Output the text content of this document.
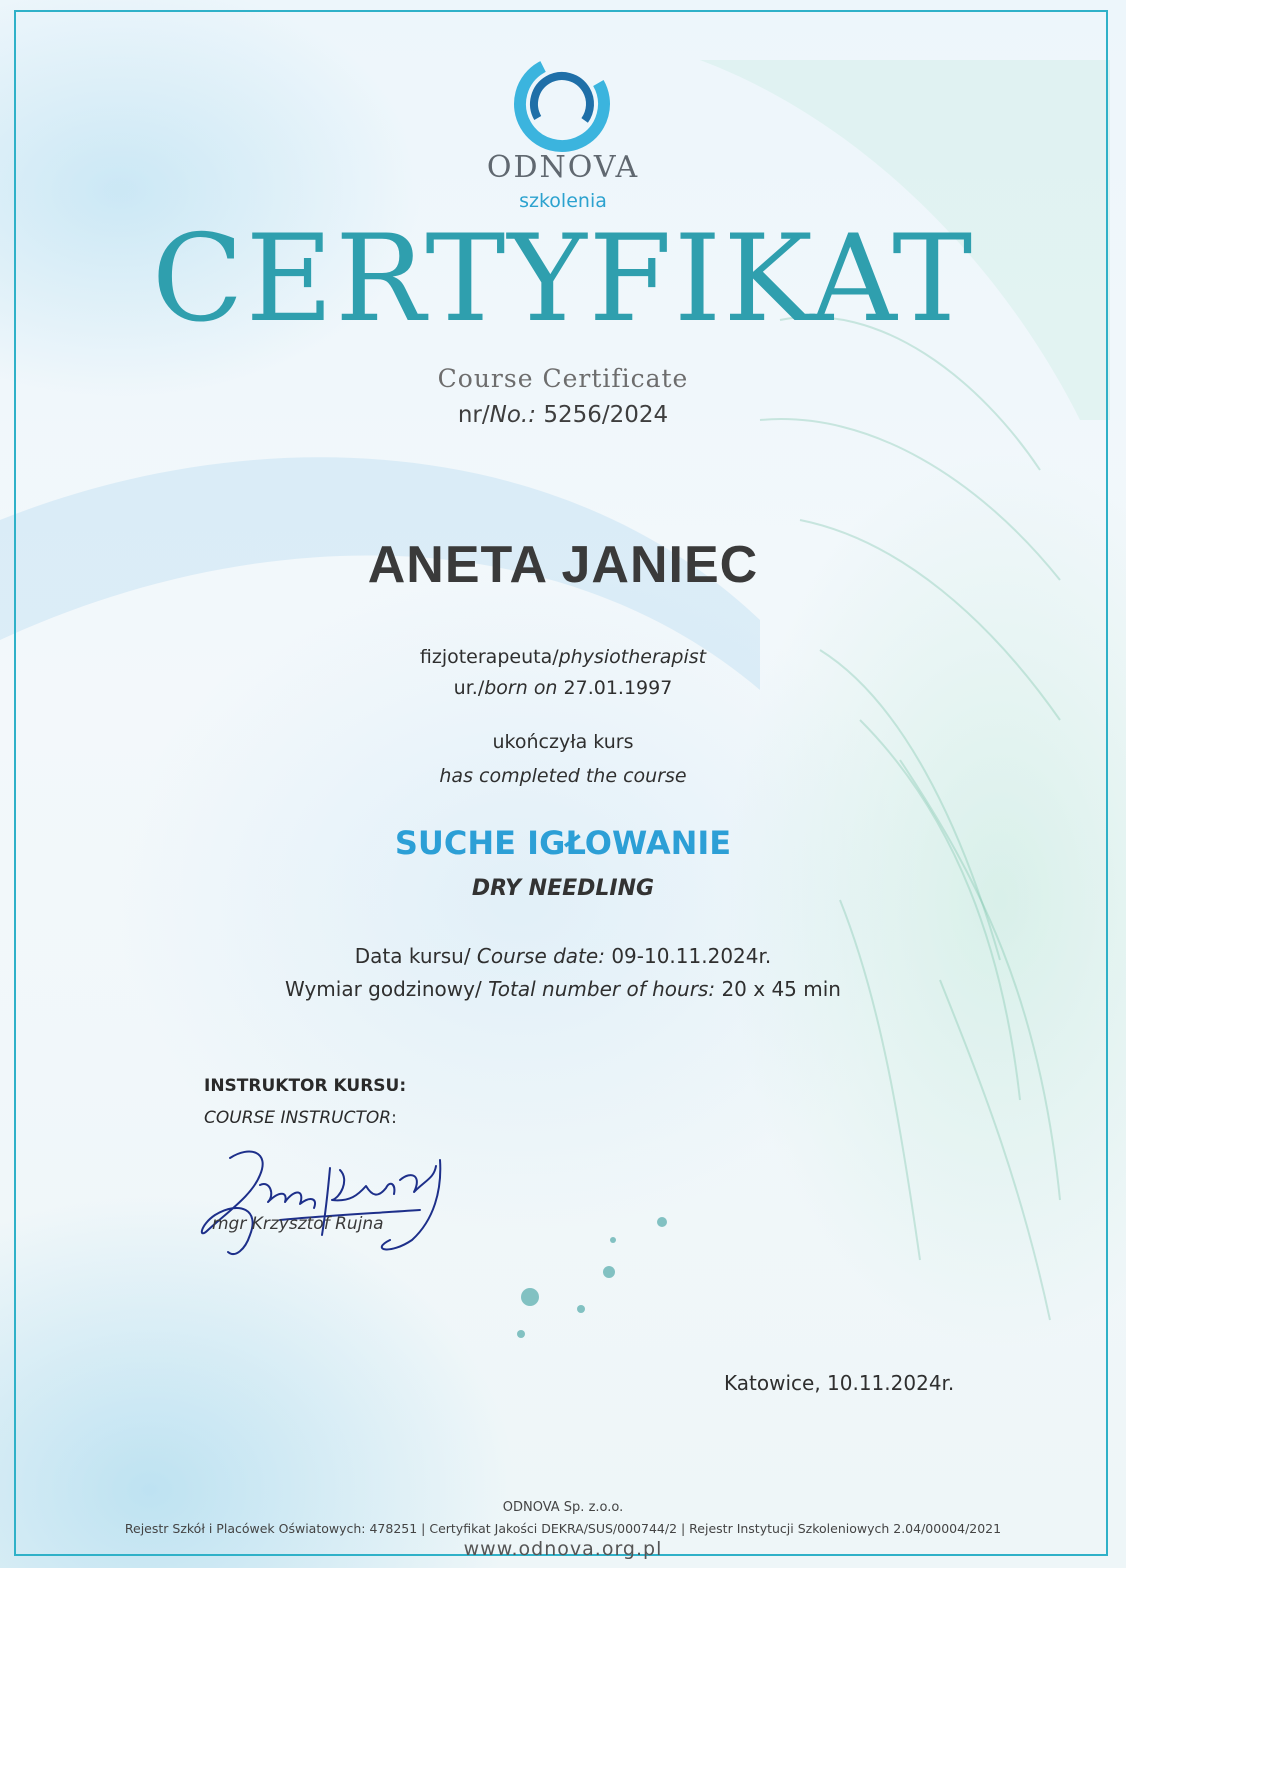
ODNOVA
szkolenia
CERTYFIKAT
Course Certificate
nr/No.: 5256/2024
ANETA JANIEC
fizjoterapeuta/physiotherapist
ur./born on 27.01.1997
ukończyła kurs
has completed the course
SUCHE IGŁOWANIE
DRY NEEDLING
Data kursu/ Course date: 09-10.11.2024r.
Wymiar godzinowy/ Total number of hours: 20 x 45 min
INSTRUKTOR KURSU:
COURSE INSTRUCTOR:
mgr Krzysztof Rujna
Katowice, 10.11.2024r.
ODNOVA Sp. z.o.o.
Rejestr Szkół i Placówek Oświatowych: 478251 | Certyfikat Jakości DEKRA/SUS/000744/2 | Rejestr Instytucji Szkoleniowych 2.04/00004/2021
www.odnova.org.pl
